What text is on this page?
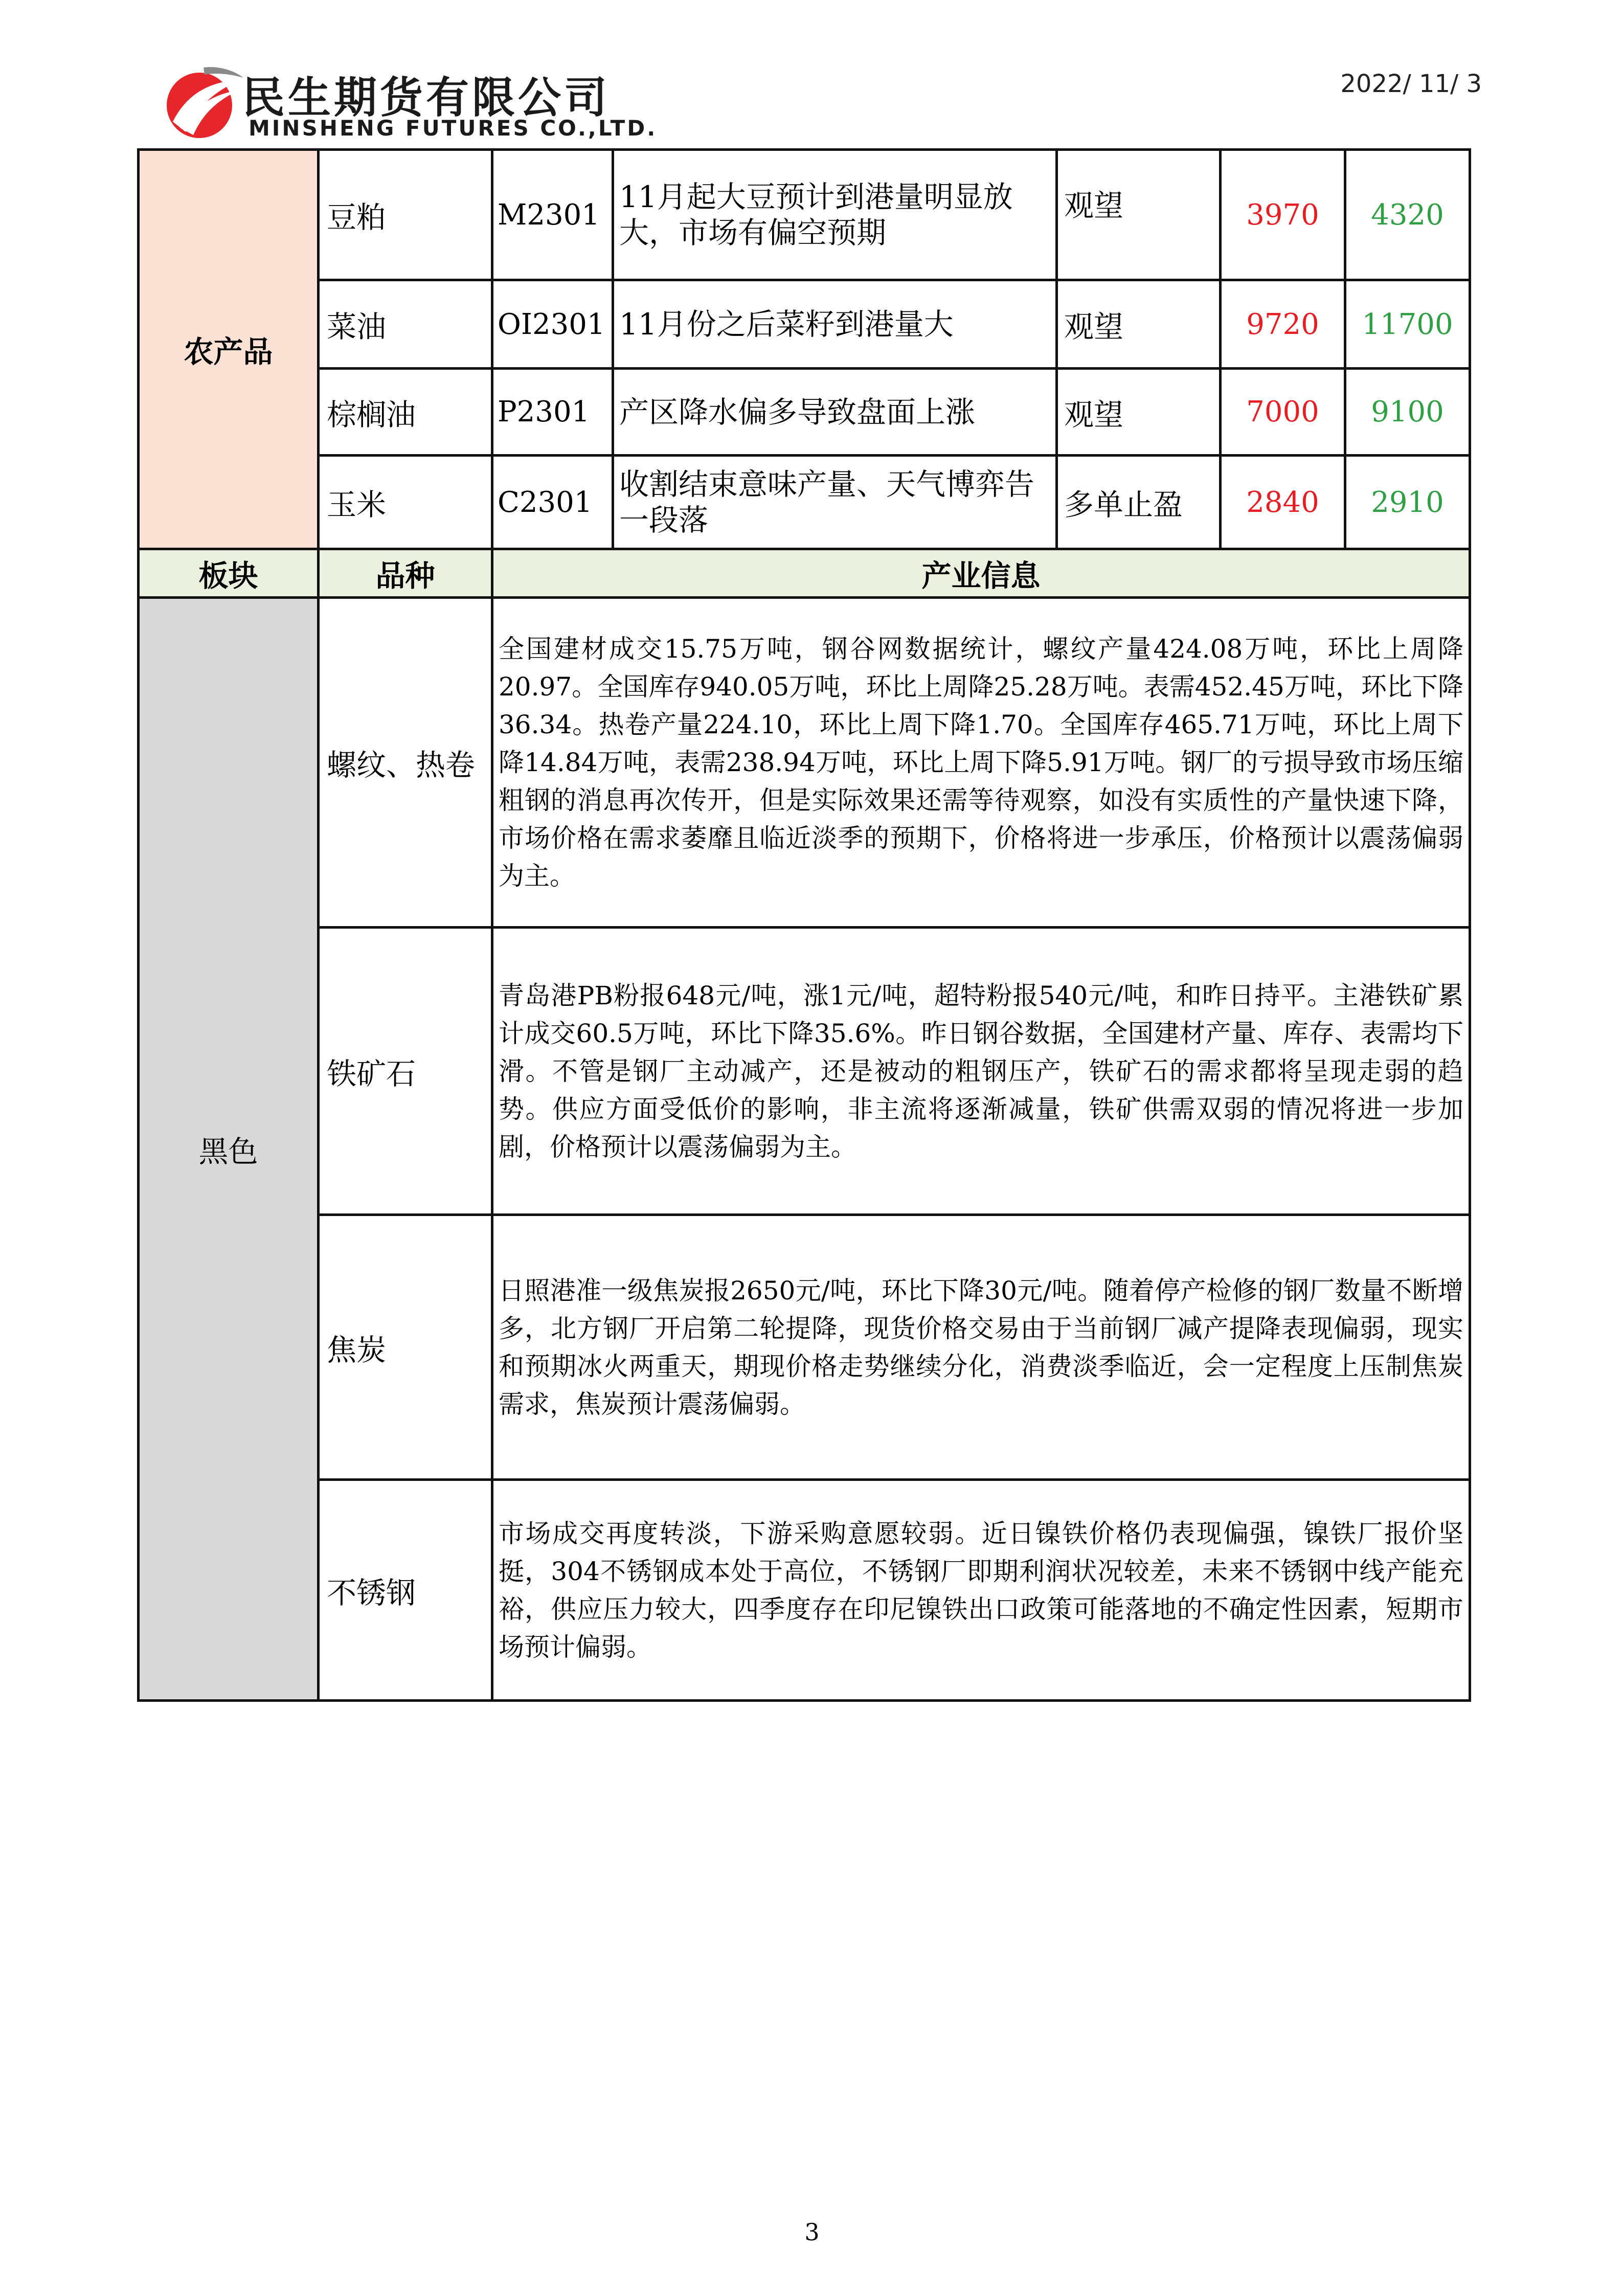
民生期货有限公司
MINSHENG FUTURES CO.,LTD.
2022/ 11/ 3
农产品	豆粕	M2301	11月起大豆预计到港量明显放大，市场有偏空预期	观望	3970	4320
	菜油	OI2301	11月份之后菜籽到港量大	观望	9720	11700
	棕榈油	P2301	产区降水偏多导致盘面上涨	观望	7000	9100
	玉米	C2301	收割结束意味产量、天气博弈告一段落	多单止盈	2840	2910
板块	品种	产业信息				
黑色	螺纹、热卷	全国建材成交15.75万吨，钢谷网数据统计，螺纹产量424.08万吨，环比上周降20.97。全国库存940.05万吨，环比上周降25.28万吨。表需452.45万吨，环比下降36.34。热卷产量224.10，环比上周下降1.70。全国库存465.71万吨，环比上周下降14.84万吨，表需238.94万吨，环比上周下降5.91万吨。钢厂的亏损导致市场压缩粗钢的消息再次传开，但是实际效果还需等待观察，如没有实质性的产量快速下降，市场价格在需求萎靡且临近淡季的预期下，价格将进一步承压，价格预计以震荡偏弱为主。				
	铁矿石	青岛港PB粉报648元/吨，涨1元/吨，超特粉报540元/吨，和昨日持平。主港铁矿累计成交60.5万吨，环比下降35.6%。昨日钢谷数据，全国建材产量、库存、表需均下滑。不管是钢厂主动减产，还是被动的粗钢压产，铁矿石的需求都将呈现走弱的趋势。供应方面受低价的影响，非主流将逐渐减量，铁矿供需双弱的情况将进一步加剧，价格预计以震荡偏弱为主。				
	焦炭	日照港准一级焦炭报2650元/吨，环比下降30元/吨。随着停产检修的钢厂数量不断增多，北方钢厂开启第二轮提降，现货价格交易由于当前钢厂减产提降表现偏弱，现实和预期冰火两重天，期现价格走势继续分化，消费淡季临近，会一定程度上压制焦炭需求，焦炭预计震荡偏弱。				
	不锈钢	市场成交再度转淡，下游采购意愿较弱。近日镍铁价格仍表现偏强，镍铁厂报价坚挺，304不锈钢成本处于高位，不锈钢厂即期利润状况较差，未来不锈钢中线产能充裕，供应压力较大，四季度存在印尼镍铁出口政策可能落地的不确定性因素，短期市场预计偏弱。				
3
